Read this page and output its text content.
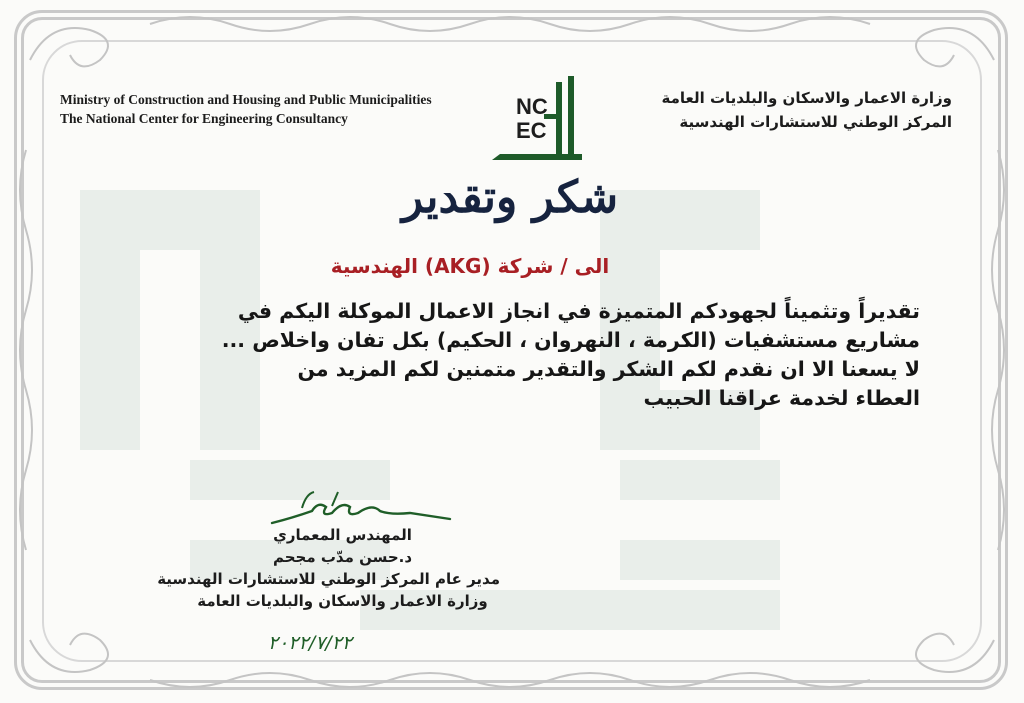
Ministry of Construction and Housing and Public Municipalities
The National Center for Engineering Consultancy
وزارة الاعمار والاسكان والبلديات العامة
المركز الوطني للاستشارات الهندسية
NC
EC
شكر وتقدير
الى / شركة (AKG) الهندسية
تقديراً وتثميناً لجهودكم المتميزة في انجاز الاعمال الموكلة اليكم في
مشاريع مستشفيات (الكرمة ، النهروان ، الحكيم) بكل تفان واخلاص ...
لا يسعنا الا ان نقدم لكم الشكر والتقدير متمنين لكم المزيد من
العطاء لخدمة عراقنا الحبيب
المهندس المعماري
د.حسن مدّب مجحم
مدير عام المركز الوطني للاستشارات الهندسية
وزارة الاعمار والاسكان والبلديات العامة
٢٠٢٢/٧/٢٢
